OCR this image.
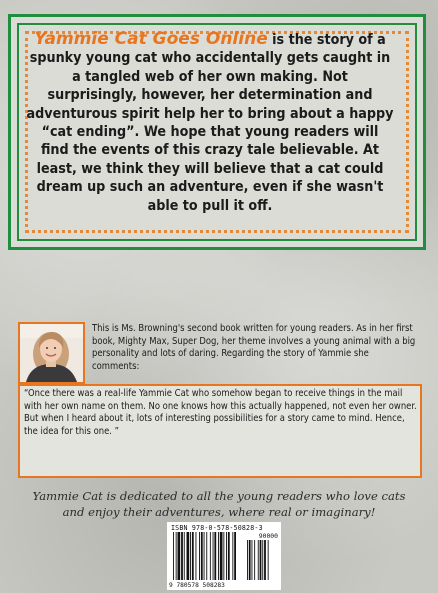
Yammie Cat Goes Online is the story of a spunky young cat who accidentally gets caught in a tangled web of her own making. Not surprisingly, however, her determination and adventurous spirit help her to bring about a happy “cat ending”. We hope that young readers will find the events of this crazy tale believable. At least, we think they will believe that a cat could dream up such an adventure, even if she wasn't able to pull it off.
This is Ms. Browning's second book written for young readers. As in her first book, Mighty Max, Super Dog, her theme involves a young animal with a big personality and lots of daring. Regarding the story of Yammie she comments:
“Once there was a real-life Yammie Cat who somehow began to receive things in the mail with her own name on them. No one knows how this actually happened, not even her owner. But when I heard about it, lots of interesting possibilities for a story came to mind. Hence, the idea for this one. ”
Yammie Cat is dedicated to all the young readers who love cats
and enjoy their adventures, where real or imaginary!
ISBN 978-0-578-50828-3
90000
9 780578 508283
